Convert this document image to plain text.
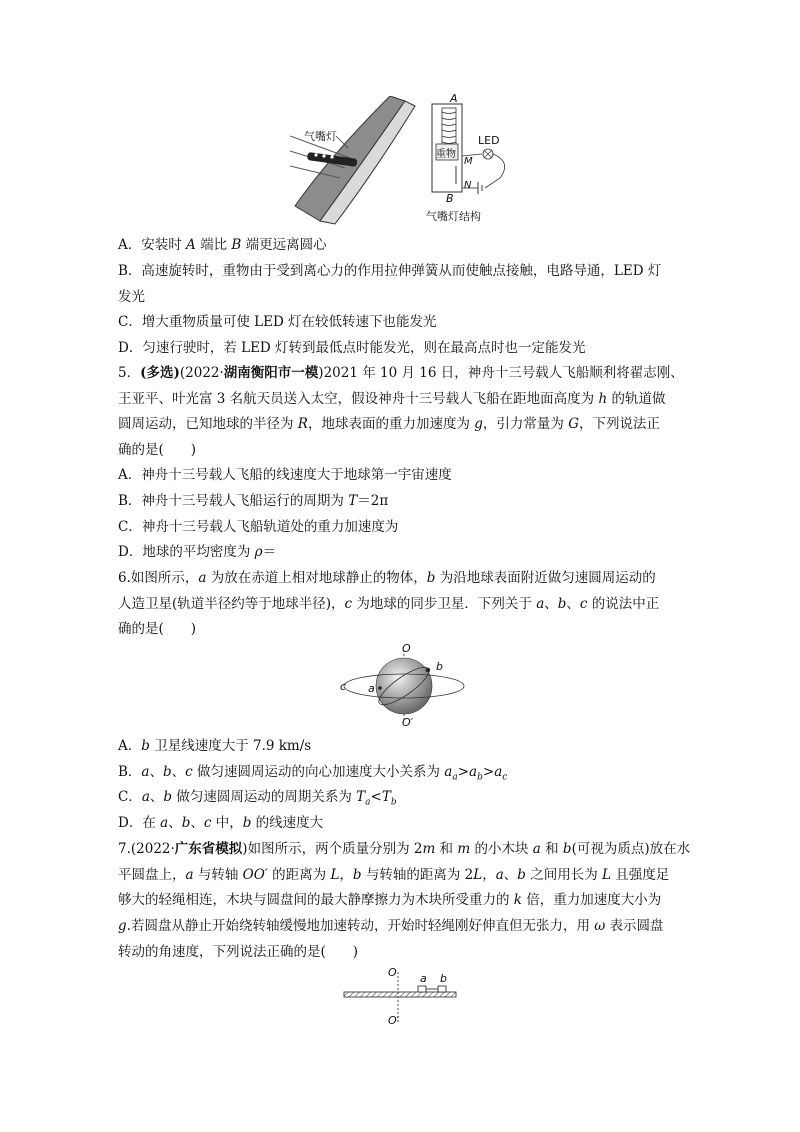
气嘴灯
A
重物
M
N
B
LED
气嘴灯结构
A．安装时 A 端比 B 端更远离圆心
B．高速旋转时，重物由于受到离心力的作用拉伸弹簧从而使触点接触，电路导通，LED 灯
发光
C．增大重物质量可使 LED 灯在较低转速下也能发光
D．匀速行驶时，若 LED 灯转到最低点时能发光，则在最高点时也一定能发光
5．(多选)(2022·湖南衡阳市一模)2021 年 10 月 16 日，神舟十三号载人飞船顺利将翟志刚、
王亚平、叶光富 3 名航天员送入太空，假设神舟十三号载人飞船在距地面高度为 h 的轨道做
圆周运动，已知地球的半径为 R，地球表面的重力加速度为 g，引力常量为 G，下列说法正
确的是(　　)
A．神舟十三号载人飞船的线速度大于地球第一宇宙速度
B．神舟十三号载人飞船运行的周期为 T＝2π
C．神舟十三号载人飞船轨道处的重力加速度为
D．地球的平均密度为 ρ＝
6.如图所示，a 为放在赤道上相对地球静止的物体，b 为沿地球表面附近做匀速圆周运动的
人造卫星(轨道半径约等于地球半径)，c 为地球的同步卫星．下列关于 a、b、c 的说法中正
确的是(　　)
O
b
c a
O′
A．b 卫星线速度大于 7.9 km/s
B．a、b、c 做匀速圆周运动的向心加速度大小关系为 $a_a>a_b>a_c$
C．a、b 做匀速圆周运动的周期关系为 $T_a<T_b$
D．在 a、b、c 中，b 的线速度大
7.(2022·广东省模拟)如图所示，两个质量分别为 2m 和 m 的小木块 a 和 b(可视为质点)放在水
平圆盘上，a 与转轴 OO′ 的距离为 L，b 与转轴的距离为 2L，a、b 之间用长为 L 且强度足
够大的轻绳相连，木块与圆盘间的最大静摩擦力为木块所受重力的 k 倍，重力加速度大小为
g.若圆盘从静止开始绕转轴缓慢地加速转动，开始时轻绳刚好伸直但无张力，用 ω 表示圆盘
转动的角速度，下列说法正确的是(　　)
O a b
O′
